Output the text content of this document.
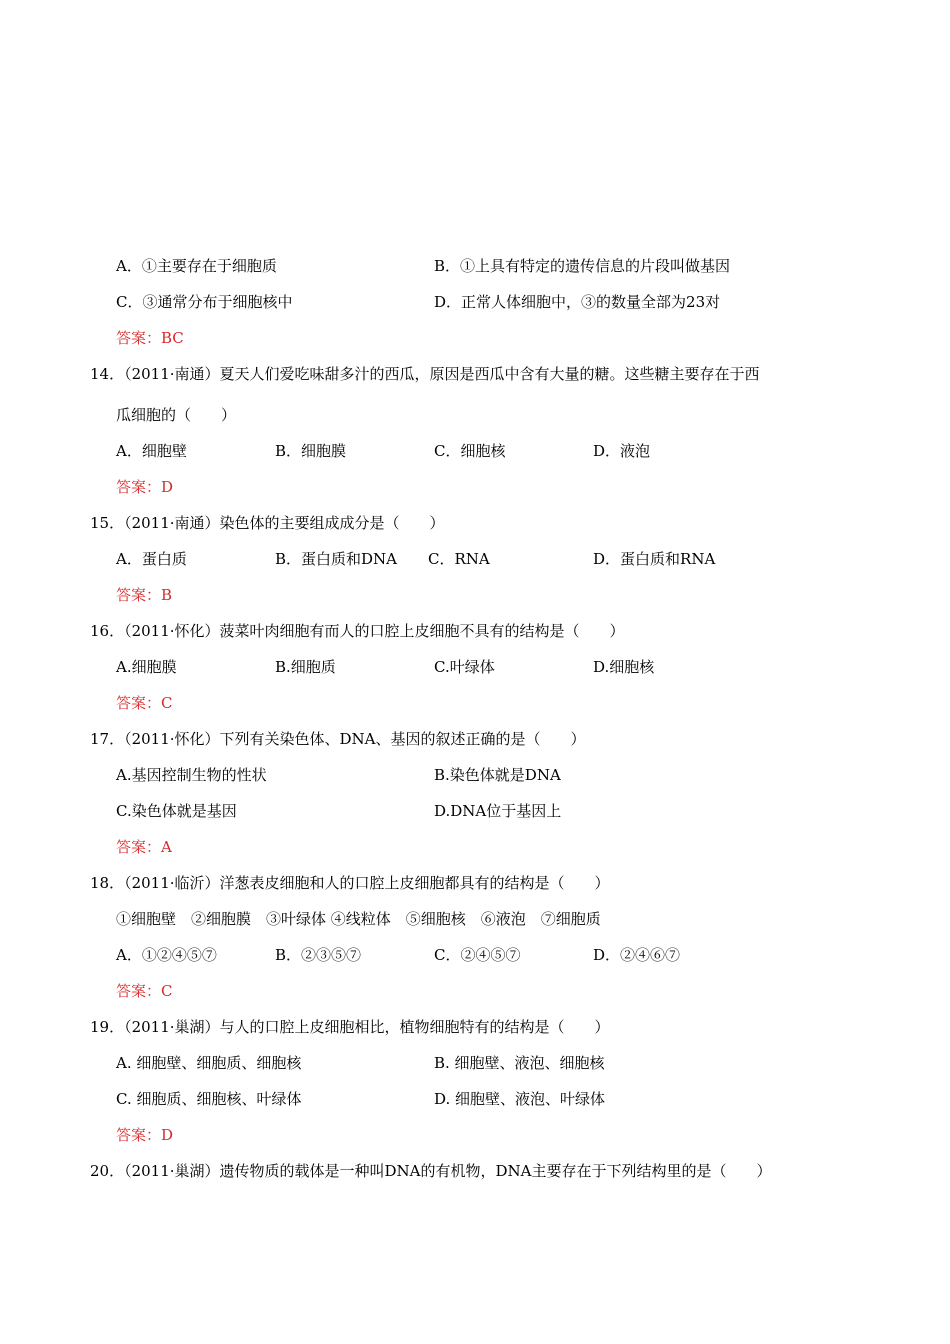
A．①主要存在于细胞质	B．①上具有特定的遗传信息的片段叫做基因
C．③通常分布于细胞核中	D．正常人体细胞中，③的数量全部为23对
答案：BC
14．（2011·南通）夏天人们爱吃味甜多汁的西瓜，原因是西瓜中含有大量的糖。这些糖主要存在于西
瓜细胞的（　　）
A．细胞壁	B．细胞膜	C．细胞核	D．液泡
答案：D
15．（2011·南通）染色体的主要组成成分是（　　）
A．蛋白质	B．蛋白质和DNA C．RNA	D．蛋白质和RNA
答案：B
16．（2011·怀化）菠菜叶肉细胞有而人的口腔上皮细胞不具有的结构是（　　）
A.细胞膜	B.细胞质	C.叶绿体	D.细胞核
答案：C
17．（2011·怀化）下列有关染色体、DNA、基因的叙述正确的是（　　）
A.基因控制生物的性状	B.染色体就是DNA
C.染色体就是基因	D.DNA位于基因上
答案：A
18．（2011·临沂）洋葱表皮细胞和人的口腔上皮细胞都具有的结构是（　　）
①细胞壁　②细胞膜　③叶绿体 ④线粒体　⑤细胞核　⑥液泡　⑦细胞质
A．①②④⑤⑦	B．②③⑤⑦	C．②④⑤⑦	D．②④⑥⑦
答案：C
19．（2011·巢湖）与人的口腔上皮细胞相比，植物细胞特有的结构是（　　）
A. 细胞壁、细胞质、细胞核	B. 细胞壁、液泡、细胞核
C. 细胞质、细胞核、叶绿体	D. 细胞壁、液泡、叶绿体
答案：D
20．（2011·巢湖）遗传物质的载体是一种叫DNA的有机物，DNA主要存在于下列结构里的是（　　）
